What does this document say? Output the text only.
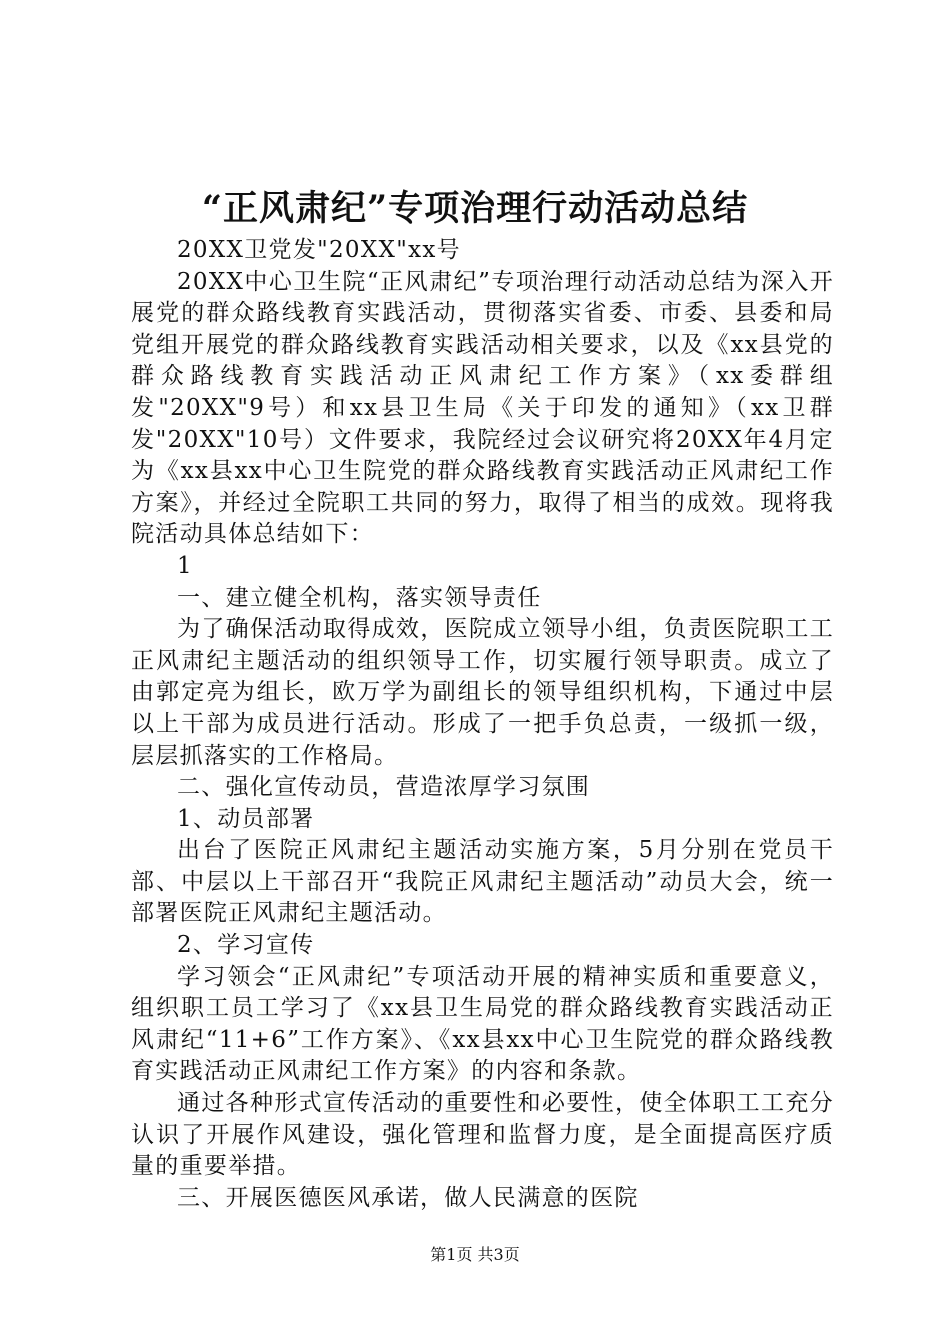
“正风肃纪”专项治理行动活动总结

20XX卫党发"20XX"xx号

20XX中心卫生院“正风肃纪”专项治理行动活动总结为深入开展党的群众路线教育实践活动，贯彻落实省委、市委、县委和局党组开展党的群众路线教育实践活动相关要求，以及《xx县党的群众路线教育实践活动正风肃纪工作方案》（xx委群组发"20XX"9号）和xx县卫生局《关于印发的通知》（xx卫群发"20XX"10号）文件要求，我院经过会议研究将20XX年4月定为《xx县xx中心卫生院党的群众路线教育实践活动正风肃纪工作方案》，并经过全院职工共同的努力，取得了相当的成效。现将我院活动具体总结如下：

1

一、建立健全机构，落实领导责任

为了确保活动取得成效，医院成立领导小组，负责医院职工工正风肃纪主题活动的组织领导工作，切实履行领导职责。成立了由郭定亮为组长，欧万学为副组长的领导组织机构，下通过中层以上干部为成员进行活动。形成了一把手负总责，一级抓一级，层层抓落实的工作格局。

二、强化宣传动员，营造浓厚学习氛围

1、动员部署

出台了医院正风肃纪主题活动实施方案，5月分别在党员干部、中层以上干部召开“我院正风肃纪主题活动”动员大会，统一部署医院正风肃纪主题活动。

2、学习宣传

学习领会“正风肃纪”专项活动开展的精神实质和重要意义，组织职工员工学习了《xx县卫生局党的群众路线教育实践活动正风肃纪“11+6”工作方案》、《xx县xx中心卫生院党的群众路线教育实践活动正风肃纪工作方案》的内容和条款。

通过各种形式宣传活动的重要性和必要性，使全体职工工充分认识了开展作风建设，强化管理和监督力度，是全面提高医疗质量的重要举措。

三、开展医德医风承诺，做人民满意的医院

第1页 共3页
